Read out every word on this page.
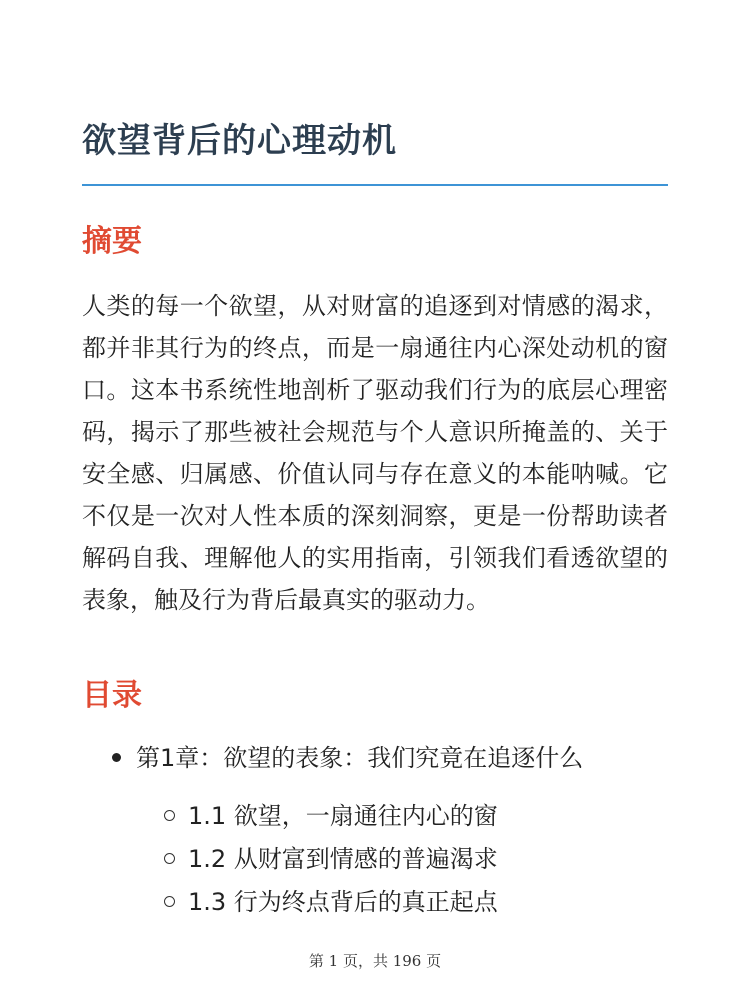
欲望背后的心理动机
摘要

人类的每一个欲望，从对财富的追逐到对情感的渴求，都并非其行为的终点，而是一扇通往内心深处动机的窗口。这本书系统性地剖析了驱动我们行为的底层心理密码，揭示了那些被社会规范与个人意识所掩盖的、关于安全感、归属感、价值认同与存在意义的本能呐喊。它不仅是一次对人性本质的深刻洞察，更是一份帮助读者解码自我、理解他人的实用指南，引领我们看透欲望的表象，触及行为背后最真实的驱动力。

目录
第1章：欲望的表象：我们究竟在追逐什么
1.1 欲望，一扇通往内心的窗
1.2 从财富到情感的普遍渴求
1.3 行为终点背后的真正起点
第 1 页，共 196 页
